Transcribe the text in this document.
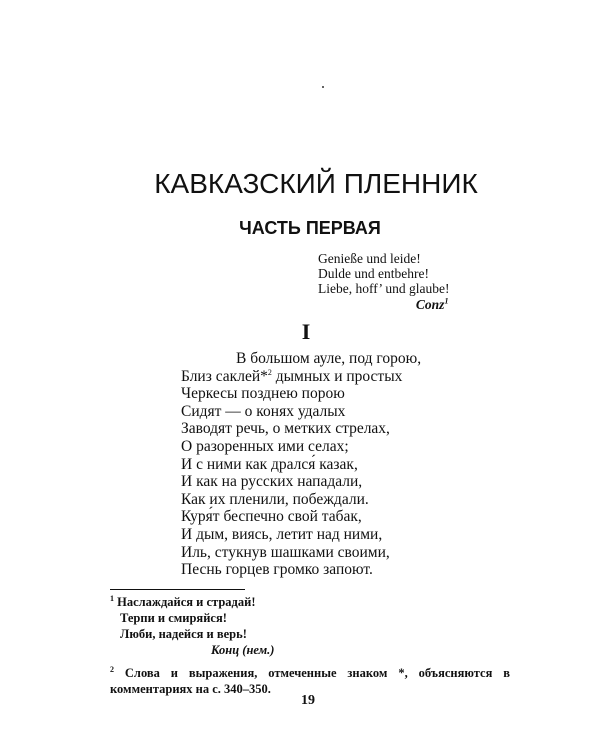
КАВКАЗСКИЙ ПЛЕННИК
ЧАСТЬ ПЕРВАЯ
Genieße und leide!
Dulde und entbehre!
Liebe, hoff’ und glaube!
Conz$^1$
I
В большом ауле, под горою,
Близ саклей*$^2$ дымных и простых
Черкесы позднею порою
Сидят — о конях удалых
Заводят речь, о метких стрелах,
О разоренных ими селах;
И с ними как дрался́ казак,
И как на русских нападали,
Как их пленили, побеждали.
Куря́т беспечно свой табак,
И дым, виясь, летит над ними,
Иль, стукнув шашками своими,
Песнь горцев громко запоют.
$^1$ Наслаждайся и страдай!
Терпи и смиряйся!
Люби, надейся и верь!
Конц (нем.)
$^2$ Слова и выражения, отмеченные знаком *, объясняются в комментариях на с. 340–350.
19
